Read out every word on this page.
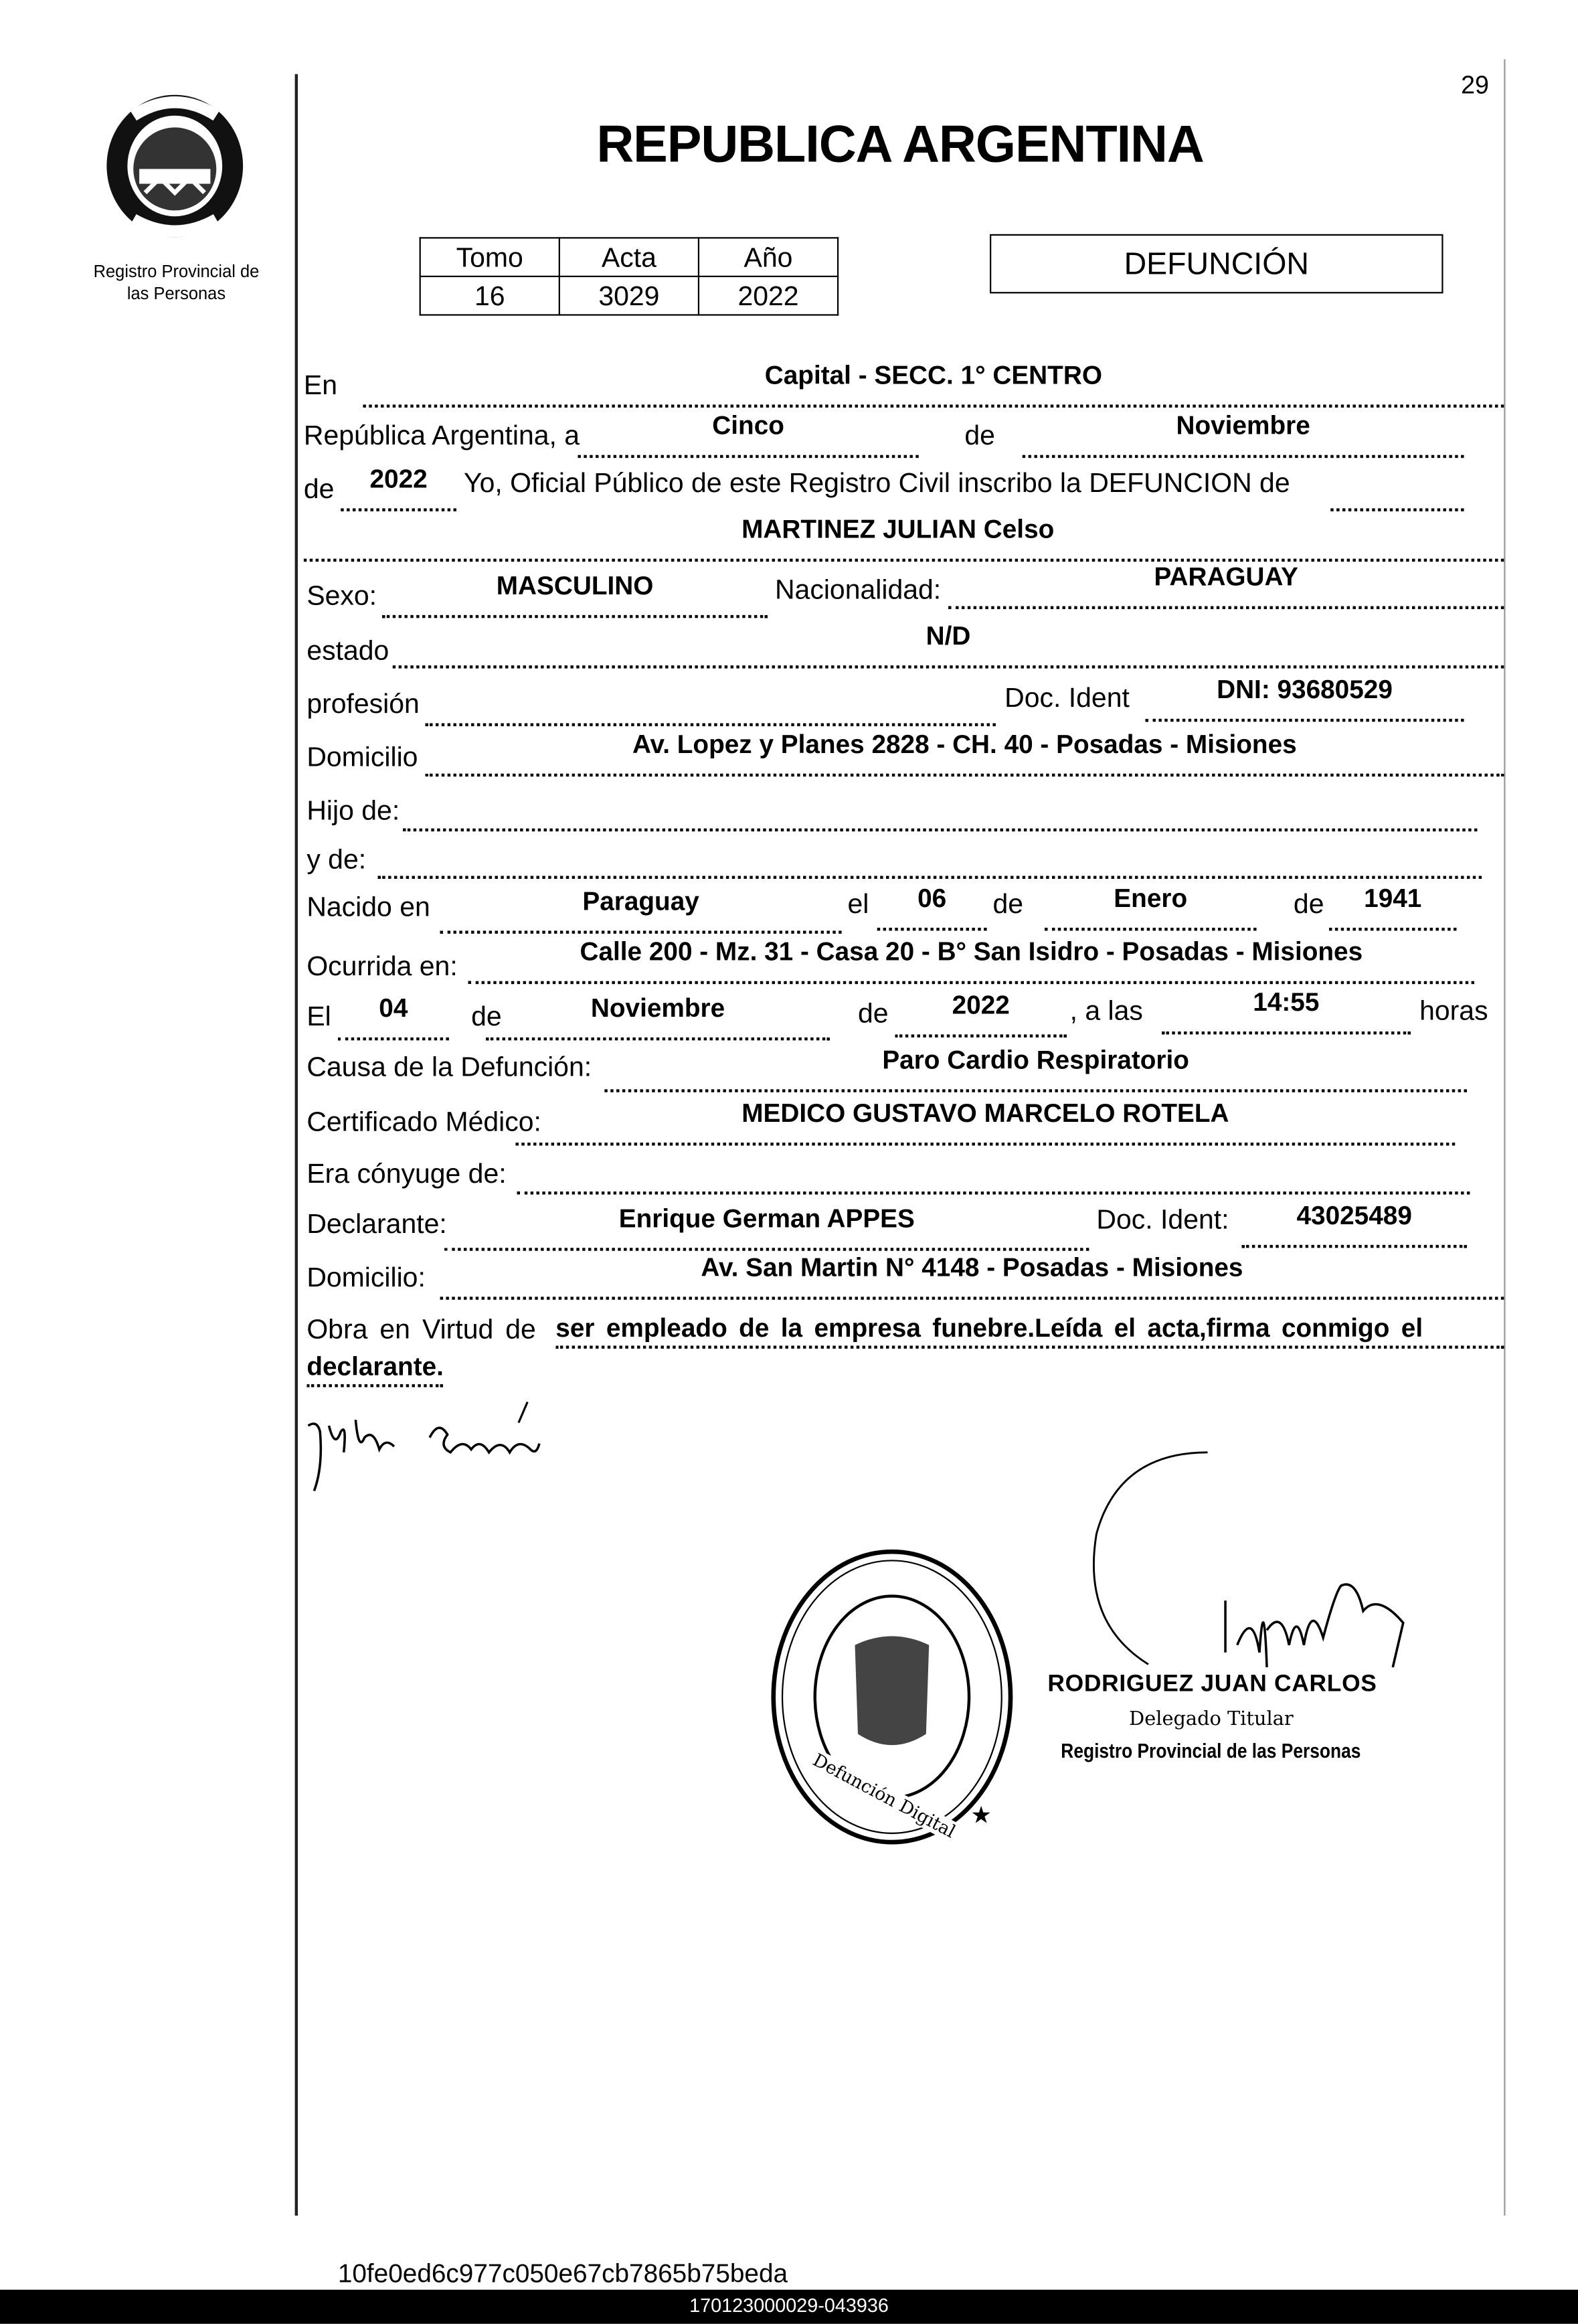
29
Registro Provincial de
las Personas
REPUBLICA ARGENTINA
Tomo	Acta	Año
16	3029	2022
DEFUNCIÓN
En	Capital - SECC. 1° CENTRO
República Argentina, a	Cinco	de	Noviembre
de	2022	Yo, Oficial Público de este Registro Civil inscribo la DEFUNCION de
MARTINEZ JULIAN Celso
Sexo:	MASCULINO	Nacionalidad:	PARAGUAY
estado	N/D
profesión	Doc. Ident	DNI: 93680529
Domicilio	Av. Lopez y Planes 2828 - CH. 40 - Posadas - Misiones
Hijo de:
y de:
Nacido en	Paraguay	el	06	de	Enero	de	1941
Ocurrida en:	Calle 200 - Mz. 31 - Casa 20 - B° San Isidro - Posadas - Misiones
El	04	de	Noviembre	de	2022	, a las	14:55	horas
Causa de la Defunción:	Paro Cardio Respiratorio
Certificado Médico:	MEDICO GUSTAVO MARCELO ROTELA
Era cónyuge de:
Declarante:	Enrique German APPES	Doc. Ident:	43025489
Domicilio:	Av. San Martin N° 4148 - Posadas - Misiones
Obra en Virtud de ser empleado de la empresa funebre.Leída el acta,firma conmigo el
declarante.
★
Defunción Digital
RODRIGUEZ JUAN CARLOS
Delegado Titular
Registro Provincial de las Personas
10fe0ed6c977c050e67cb7865b75beda
170123000029-043936
